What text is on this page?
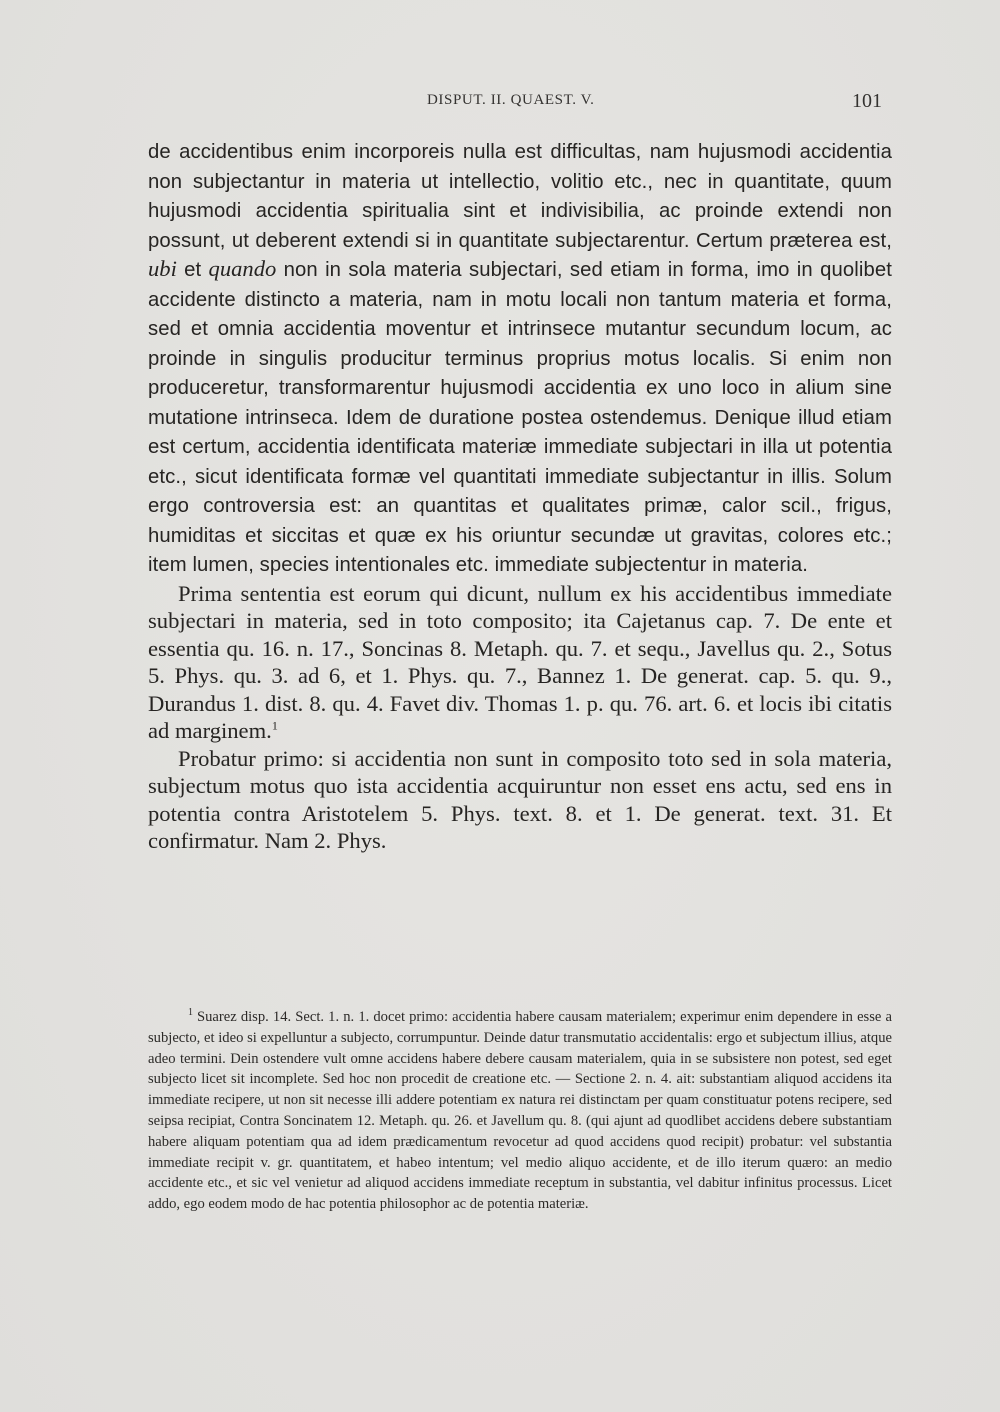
DISPUT. II. QUAEST. V.	101

de accidentibus enim incorporeis nulla est difficultas, nam hujusmodi accidentia non subjectantur in materia ut intellectio, volitio etc., nec in quantitate, quum hujusmodi accidentia spiritualia sint et indivisibilia, ac proinde extendi non possunt, ut deberent extendi si in quantitate subjectarentur. Certum præterea est, ubi et quando non in sola materia subjectari, sed etiam in forma, imo in quolibet accidente distincto a materia, nam in motu locali non tantum materia et forma, sed et omnia accidentia moventur et intrinsece mutantur secundum locum, ac proinde in singulis producitur terminus proprius motus localis. Si enim non produceretur, transformarentur hujusmodi accidentia ex uno loco in alium sine mutatione intrinseca. Idem de duratione postea ostendemus. Denique illud etiam est certum, accidentia identificata materiæ immediate subjectari in illa ut potentia etc., sicut identificata formæ vel quantitati immediate subjectantur in illis. Solum ergo controversia est: an quantitas et qualitates primæ, calor scil., frigus, humiditas et siccitas et quæ ex his oriuntur secundæ ut gravitas, colores etc.; item lumen, species intentionales etc. immediate subjectentur in materia.

Prima sententia est eorum qui dicunt, nullum ex his accidentibus immediate subjectari in materia, sed in toto composito; ita Cajetanus cap. 7. De ente et essentia qu. 16. n. 17., Soncinas 8. Metaph. qu. 7. et sequ., Javellus qu. 2., Sotus 5. Phys. qu. 3. ad 6, et 1. Phys. qu. 7., Bannez 1. De generat. cap. 5. qu. 9., Durandus 1. dist. 8. qu. 4. Favet div. Thomas 1. p. qu. 76. art. 6. et locis ibi citatis ad marginem.$^1$

Probatur primo: si accidentia non sunt in composito toto sed in sola materia, subjectum motus quo ista accidentia acquiruntur non esset ens actu, sed ens in potentia contra Aristotelem 5. Phys. text. 8. et 1. De generat. text. 31. Et confirmatur. Nam 2. Phys.

$^1$ Suarez disp. 14. Sect. 1. n. 1. docet primo: accidentia habere causam materialem; experimur enim dependere in esse a subjecto, et ideo si expelluntur a subjecto, corrumpuntur. Deinde datur transmutatio accidentalis: ergo et subjectum illius, atque adeo termini. Dein ostendere vult omne accidens habere debere causam materialem, quia in se subsistere non potest, sed eget subjecto licet sit incomplete. Sed hoc non procedit de creatione etc. — Sectione 2. n. 4. ait: substantiam aliquod accidens ita immediate recipere, ut non sit necesse illi addere potentiam ex natura rei distinctam per quam constituatur potens recipere, sed seipsa recipiat, Contra Soncinatem 12. Metaph. qu. 26. et Javellum qu. 8. (qui ajunt ad quodlibet accidens debere substantiam habere aliquam potentiam qua ad idem prædicamentum revocetur ad quod accidens quod recipit) probatur: vel substantia immediate recipit v. gr. quantitatem, et habeo intentum; vel medio aliquo accidente, et de illo iterum quæro: an medio accidente etc., et sic vel venietur ad aliquod accidens immediate receptum in substantia, vel dabitur infinitus processus. Licet addo, ego eodem modo de hac potentia philosophor ac de potentia materiæ.
